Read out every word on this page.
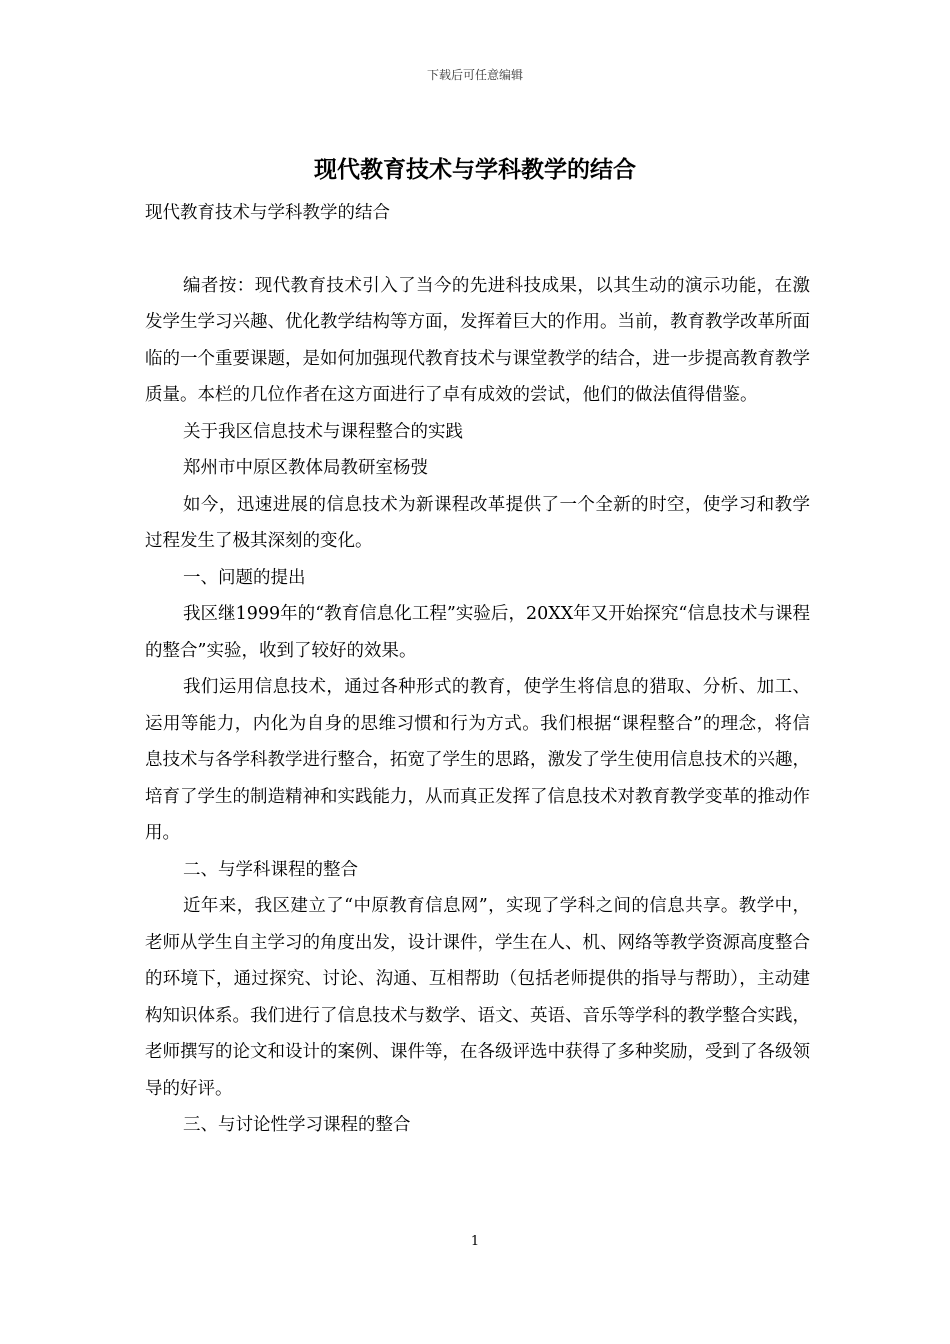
下载后可任意编辑
现代教育技术与学科教学的结合

现代教育技术与学科教学的结合

编者按：现代教育技术引入了当今的先进科技成果，以其生动的演示功能，在激发学生学习兴趣、优化教学结构等方面，发挥着巨大的作用。当前，教育教学改革所面临的一个重要课题，是如何加强现代教育技术与课堂教学的结合，进一步提高教育教学质量。本栏的几位作者在这方面进行了卓有成效的尝试，他们的做法值得借鉴。

关于我区信息技术与课程整合的实践

郑州市中原区教体局教研室杨弢

如今，迅速进展的信息技术为新课程改革提供了一个全新的时空，使学习和教学过程发生了极其深刻的变化。

一、问题的提出

我区继1999年的“教育信息化工程”实验后，20XX年又开始探究“信息技术与课程的整合”实验，收到了较好的效果。

我们运用信息技术，通过各种形式的教育，使学生将信息的猎取、分析、加工、运用等能力，内化为自身的思维习惯和行为方式。我们根据“课程整合”的理念，将信息技术与各学科教学进行整合，拓宽了学生的思路，激发了学生使用信息技术的兴趣，培育了学生的制造精神和实践能力，从而真正发挥了信息技术对教育教学变革的推动作用。

二、与学科课程的整合

近年来，我区建立了“中原教育信息网”，实现了学科之间的信息共享。教学中，老师从学生自主学习的角度出发，设计课件，学生在人、机、网络等教学资源高度整合的环境下，通过探究、讨论、沟通、互相帮助（包括老师提供的指导与帮助），主动建构知识体系。我们进行了信息技术与数学、语文、英语、音乐等学科的教学整合实践，老师撰写的论文和设计的案例、课件等，在各级评选中获得了多种奖励，受到了各级领导的好评。

三、与讨论性学习课程的整合

1
